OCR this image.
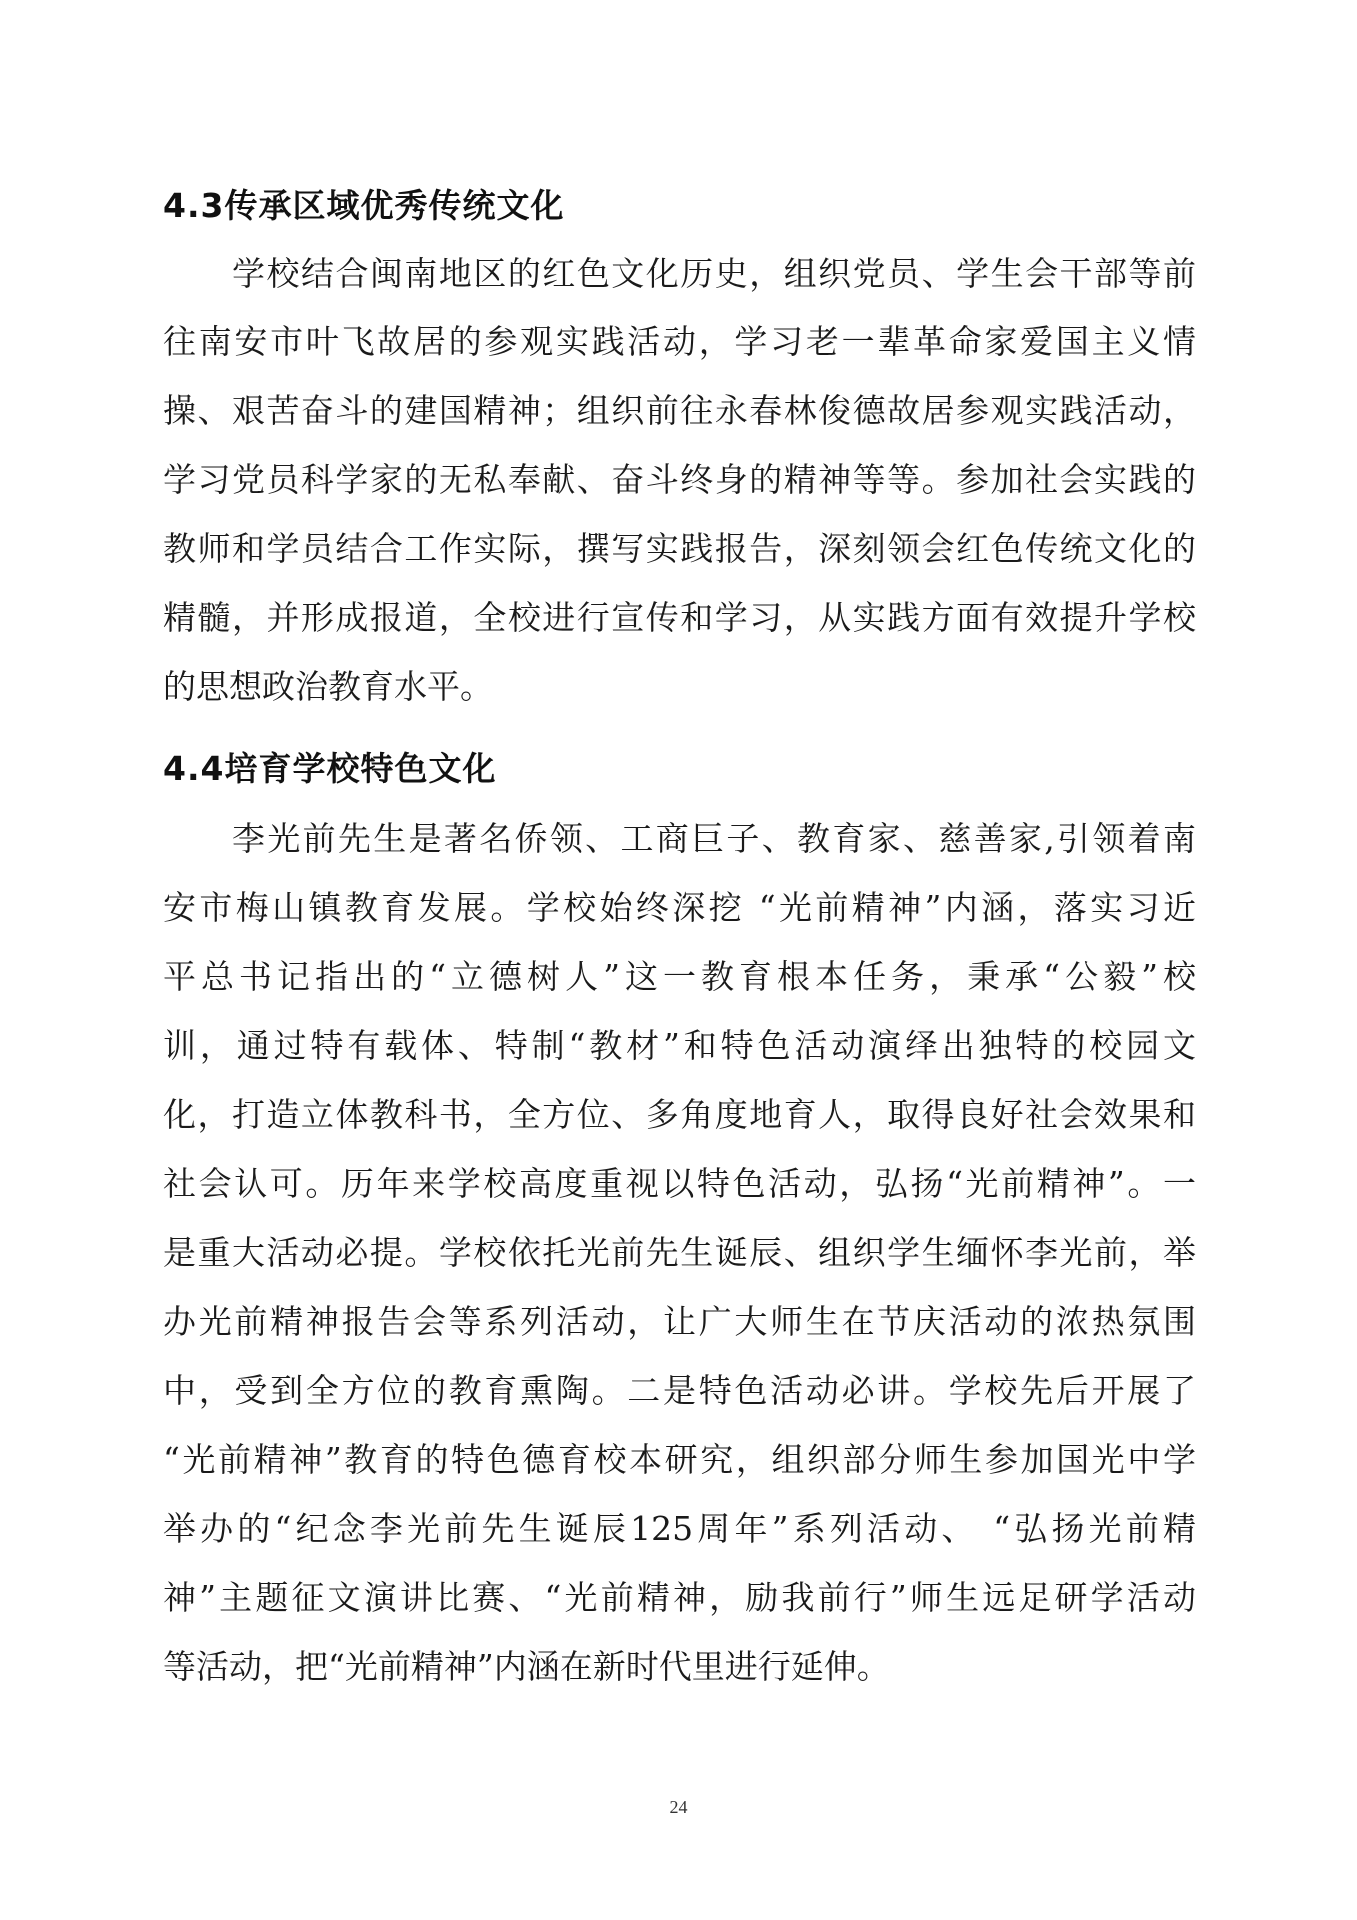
4.3传承区域优秀传统文化

学校结合闽南地区的红色文化历史，组织党员、学生会干部等前

往南安市叶飞故居的参观实践活动，学习老一辈革命家爱国主义情

操、艰苦奋斗的建国精神；组织前往永春林俊德故居参观实践活动，

学习党员科学家的无私奉献、奋斗终身的精神等等。参加社会实践的

教师和学员结合工作实际，撰写实践报告，深刻领会红色传统文化的

精髓，并形成报道，全校进行宣传和学习，从实践方面有效提升学校

的思想政治教育水平。

4.4培育学校特色文化

李光前先生是著名侨领、工商巨子、教育家、慈善家,引领着南

安市梅山镇教育发展。学校始终深挖 “光前精神”内涵，落实习近

平总书记指出的“立德树人”这一教育根本任务，秉承“公毅”校

训，通过特有载体、特制“教材”和特色活动演绎出独特的校园文

化，打造立体教科书，全方位、多角度地育人，取得良好社会效果和

社会认可。历年来学校高度重视以特色活动，弘扬“光前精神”。一

是重大活动必提。学校依托光前先生诞辰、组织学生缅怀李光前，举

办光前精神报告会等系列活动，让广大师生在节庆活动的浓热氛围

中，受到全方位的教育熏陶。二是特色活动必讲。学校先后开展了

“光前精神”教育的特色德育校本研究，组织部分师生参加国光中学

举办的“纪念李光前先生诞辰125周年”系列活动、 “弘扬光前精

神”主题征文演讲比赛、“光前精神，励我前行”师生远足研学活动

等活动，把“光前精神”内涵在新时代里进行延伸。

24
